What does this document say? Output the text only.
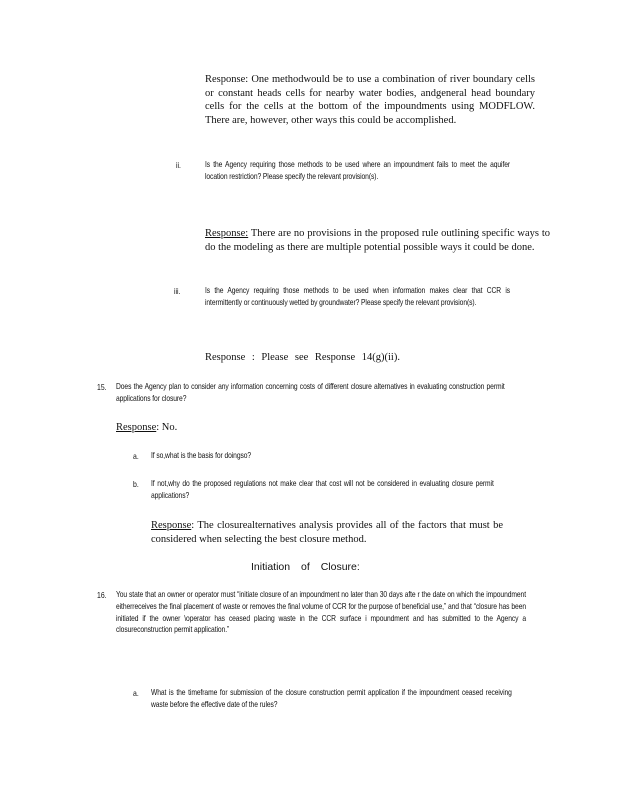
Response: One methodwould be to use a combination of river boundary cells or constant heads cells for nearby water bodies, andgeneral head boundary cells for the cells at the bottom of the impoundments using MODFLOW. There are, however, other ways this could be accomplished.
ii.	Is the Agency requiring those methods to be used where an impoundment fails to meet the aquifer location restriction? Please specify the relevant provision(s).
Response: There are no provisions in the proposed rule outlining specific ways to do the modeling as there are multiple potential possible ways it could be done.
iii.	Is the Agency requiring those methods to be used when information makes clear that CCR is intermittently or continuously wetted by groundwater? Please specify the relevant provision(s).
Response : Please see Response 14(g)(ii).
15. Does the Agency plan to consider any information concerning costs of different closure alternatives in evaluating construction permit applications for closure?
Response: No.
a. If so,what is the basis for doingso?
b. If not,why do the proposed regulations not make clear that cost will not be considered in evaluating closure permit applications?
Response: The closurealternatives analysis provides all of the factors that must be considered when selecting the best closure method.
Initiation of Closure:
16. You state that an owner or operator must “initiate closure of an impoundment no later than 30 days afte r the date on which the impoundment eitherreceives the final placement of waste or removes the final volume of CCR for the purpose of beneficial use,” and that “closure has been initiated if the owner \operator has ceased placing waste in the CCR surface i mpoundment and has submitted to the Agency a closureconstruction permit application.”
a. What is the timeframe for submission of the closure construction permit application if the impoundment ceased receiving waste before the effective date of the rules?
